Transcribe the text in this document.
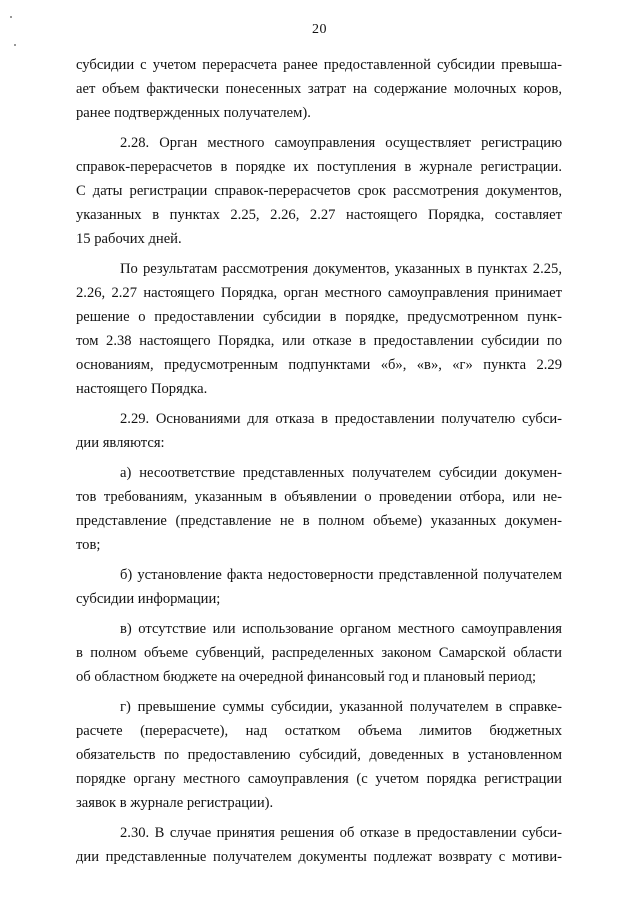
20

субсидии с учетом перерасчета ранее предоставленной субсидии превыша-

ает объем фактически понесенных затрат на содержание молочных коров,

ранее подтвержденных получателем).

2.28. Орган местного самоуправления осуществляет регистрацию

справок-перерасчетов в порядке их поступления в журнале регистрации.

С даты регистрации справок-перерасчетов срок рассмотрения документов,

указанных в пунктах 2.25, 2.26, 2.27 настоящего Порядка, составляет

15 рабочих дней.

По результатам рассмотрения документов, указанных в пунктах 2.25,

2.26, 2.27 настоящего Порядка, орган местного самоуправления принимает

решение о предоставлении субсидии в порядке, предусмотренном пунк-

том 2.38 настоящего Порядка, или отказе в предоставлении субсидии по

основаниям, предусмотренным подпунктами «б», «в», «г» пункта 2.29

настоящего Порядка.

2.29. Основаниями для отказа в предоставлении получателю субси-

дии являются:

а) несоответствие представленных получателем субсидии докумен-

тов требованиям, указанным в объявлении о проведении отбора, или не-

представление (представление не в полном объеме) указанных докумен-

тов;

б) установление факта недостоверности представленной получателем

субсидии информации;

в) отсутствие или использование органом местного самоуправления

в полном объеме субвенций, распределенных законом Самарской области

об областном бюджете на очередной финансовый год и плановый период;

г) превышение суммы субсидии, указанной получателем в справке-

расчете (перерасчете), над остатком объема лимитов бюджетных

обязательств по предоставлению субсидий, доведенных в установленном

порядке органу местного самоуправления (с учетом порядка регистрации

заявок в журнале регистрации).

2.30. В случае принятия решения об отказе в предоставлении субси-

дии представленные получателем документы подлежат возврату с мотиви-
